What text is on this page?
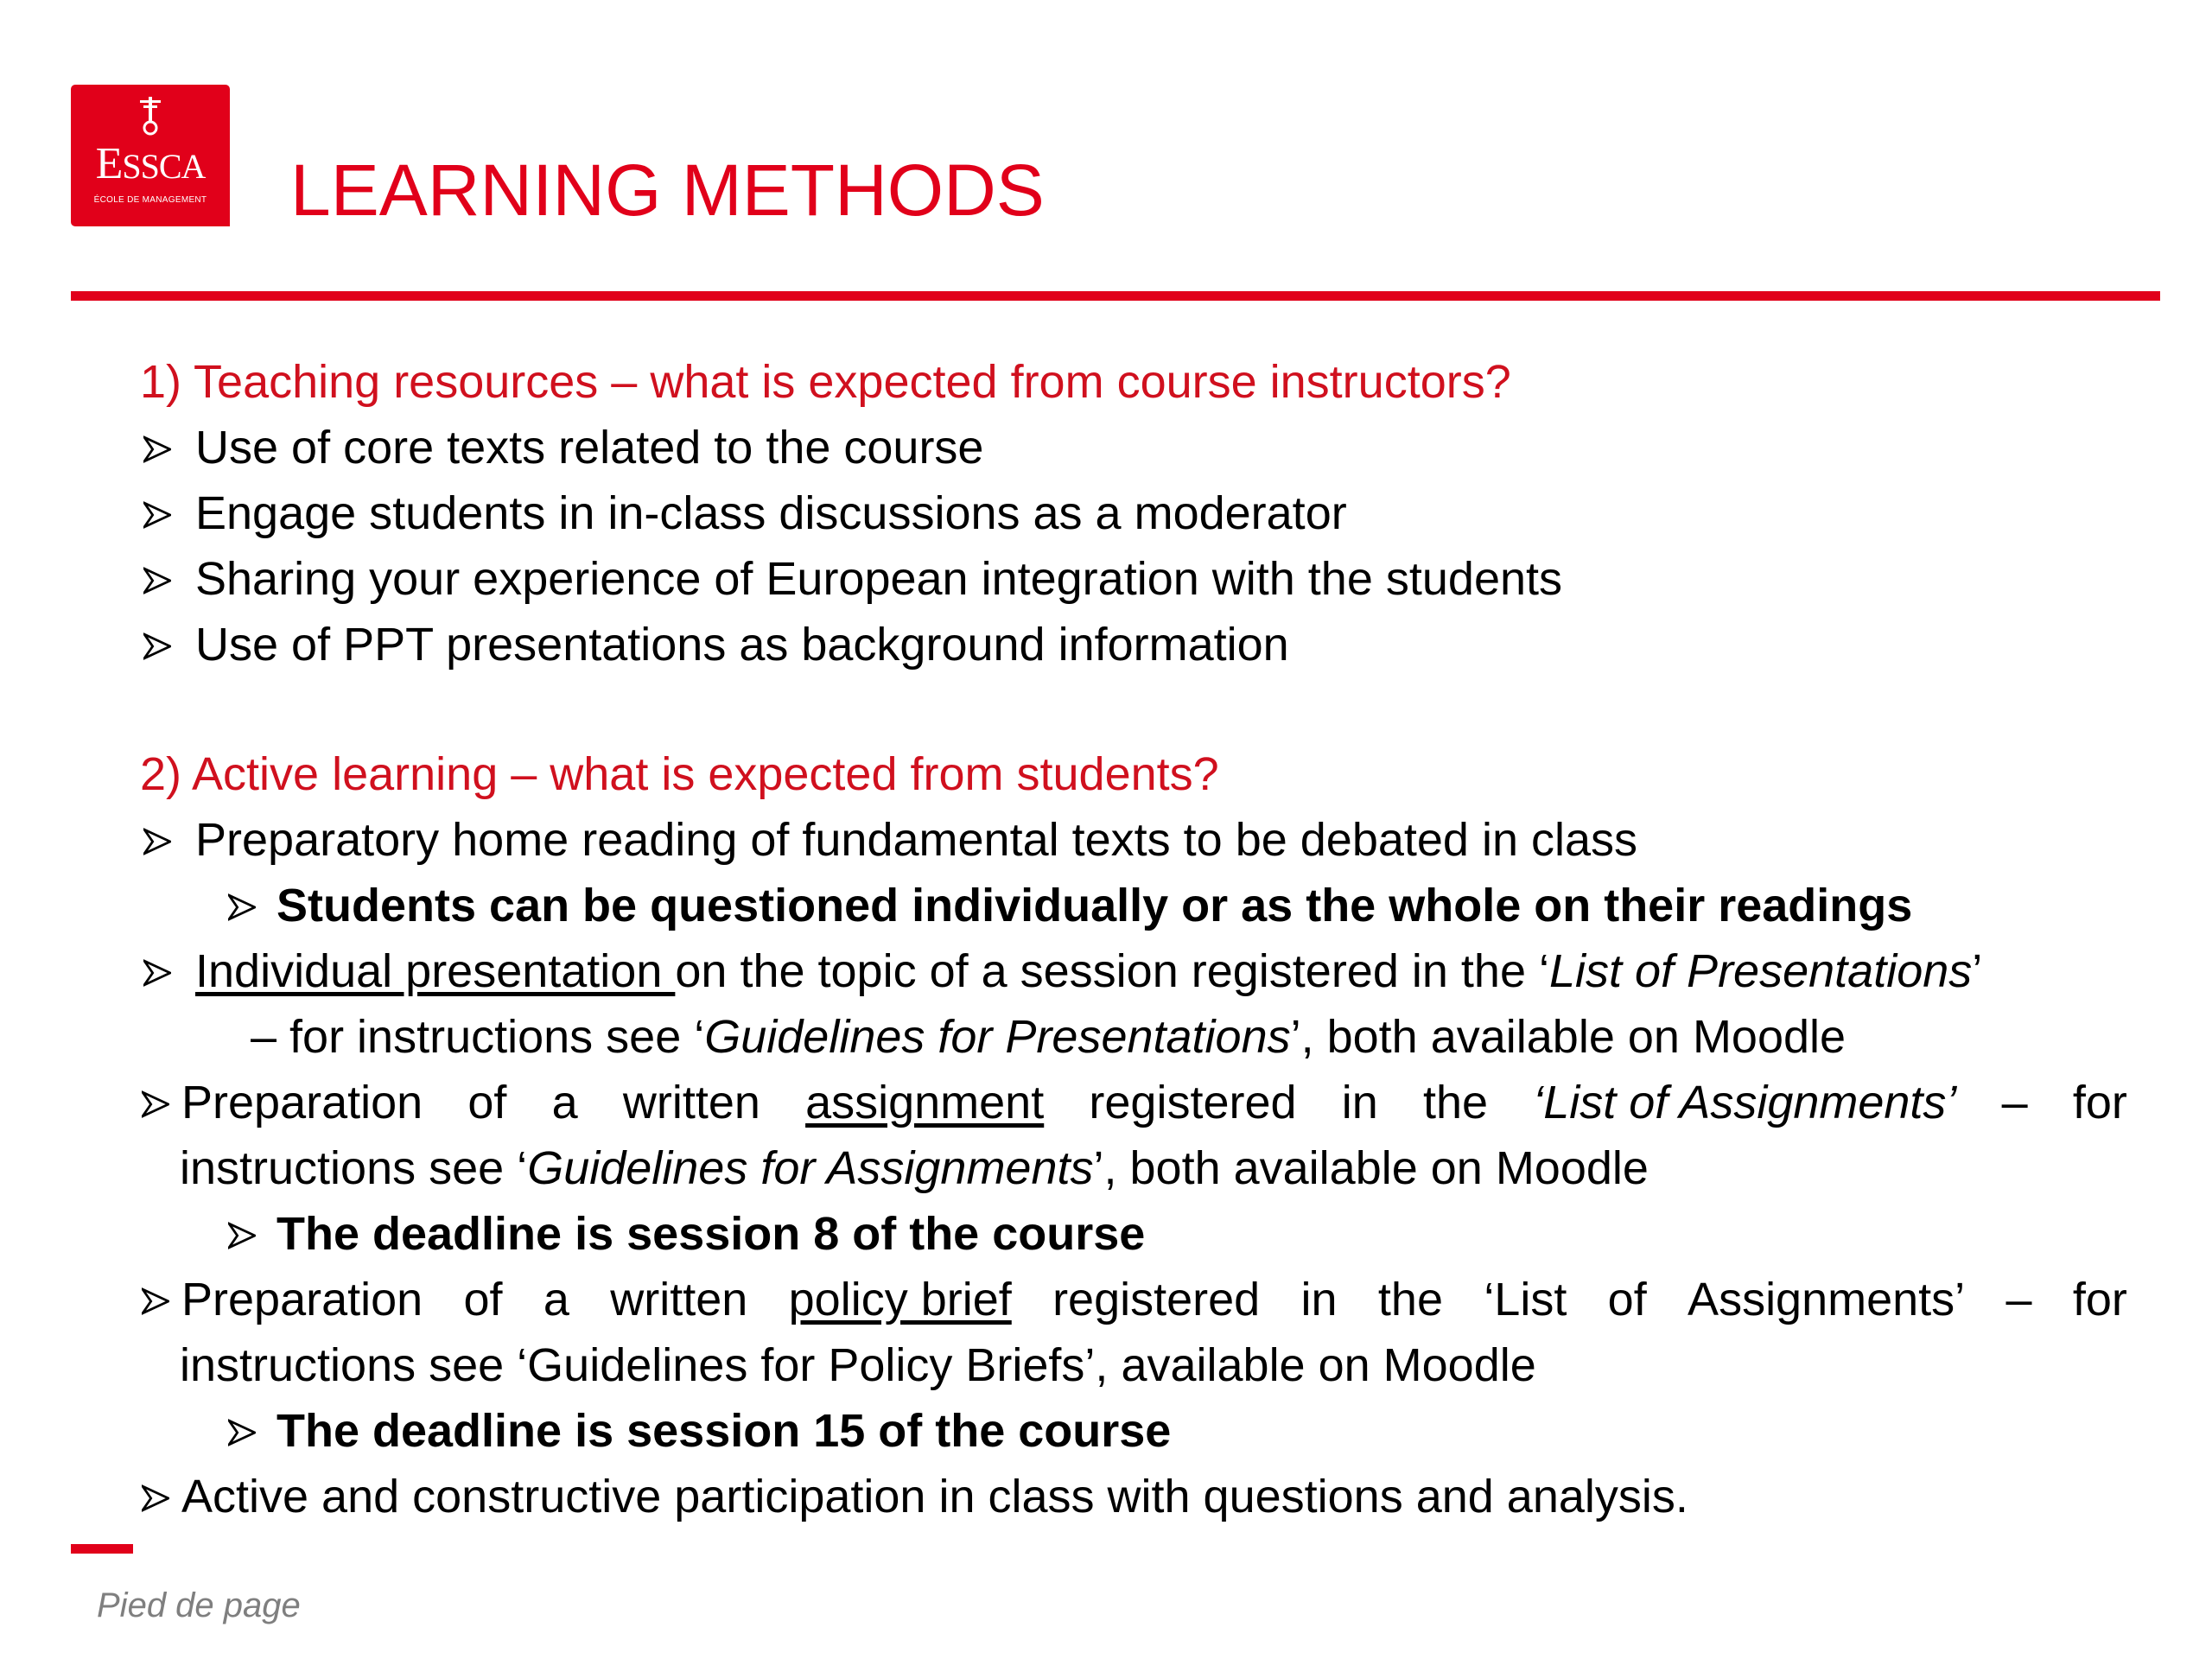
ESSCA
ÉCOLE DE MANAGEMENT	LEARNING METHODS
1) Teaching resources – what is expected from course instructors?
Use of core texts related to the course
Engage students in in-class discussions as a moderator
Sharing your experience of European integration with the students
Use of PPT presentations as background information
2) Active learning – what is expected from students?
Preparatory home reading of fundamental texts to be debated in class
Students can be questioned individually or as the whole on their readings
Individual presentation on the topic of a session registered in the ‘List of Presentations’
– for instructions see ‘Guidelines for Presentations’, both available on Moodle
Preparation of a written assignment registered in the ‘List of Assignments’ – for
instructions see ‘Guidelines for Assignments’, both available on Moodle
The deadline is session 8 of the course
Preparation of a written policy brief registered in the ‘List of Assignments’ – for
instructions see ‘Guidelines for Policy Briefs’, available on Moodle
The deadline is session 15 of the course
Active and constructive participation in class with questions and analysis.
Pied de page
